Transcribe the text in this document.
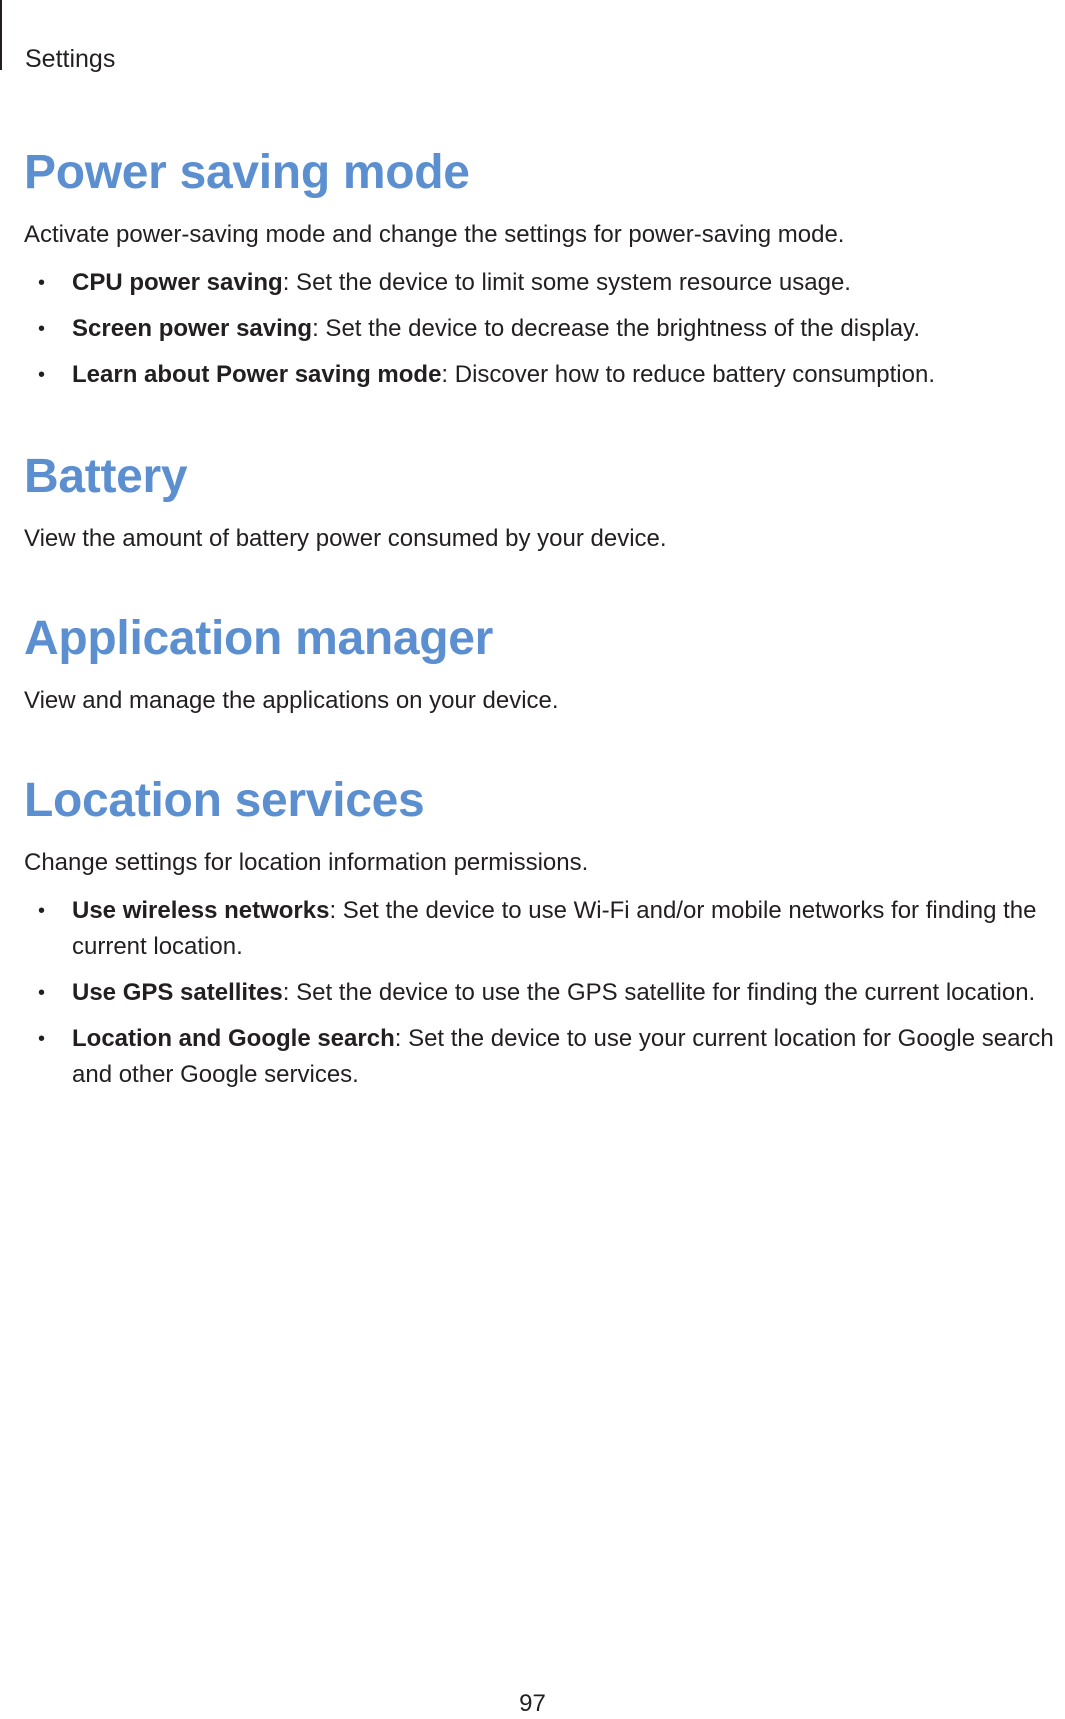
Settings
Power saving mode

Activate power-saving mode and change the settings for power-saving mode.

• CPU power saving: Set the device to limit some system resource usage.
• Screen power saving: Set the device to decrease the brightness of the display.
• Learn about Power saving mode: Discover how to reduce battery consumption.
Battery

View the amount of battery power consumed by your device.

Application manager

View and manage the applications on your device.

Location services

Change settings for location information permissions.

• Use wireless networks: Set the device to use Wi-Fi and/or mobile networks for finding the current location.
• Use GPS satellites: Set the device to use the GPS satellite for finding the current location.
• Location and Google search: Set the device to use your current location for Google search and other Google services.
97
